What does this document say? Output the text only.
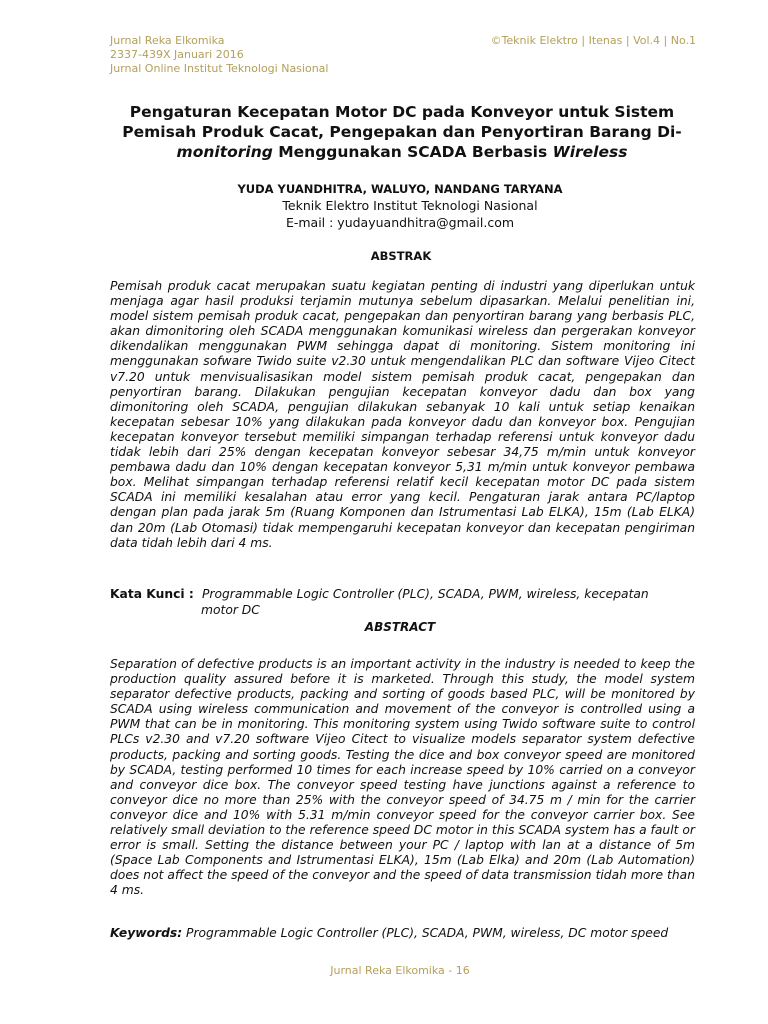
Jurnal Reka Elkomika
2337-439X Januari 2016
Jurnal Online Institut Teknologi Nasional
©Teknik Elektro | Itenas | Vol.4 | No.1
Pengaturan Kecepatan Motor DC pada Konveyor untuk Sistem Pemisah Produk Cacat, Pengepakan dan Penyortiran Barang Di-monitoring Menggunakan SCADA Berbasis Wireless
YUDA YUANDHITRA, WALUYO, NANDANG TARYANA
Teknik Elektro Institut Teknologi Nasional
E-mail : yudayuandhitra@gmail.com
ABSTRAK

Pemisah produk cacat merupakan suatu kegiatan penting di industri yang diperlukan untuk menjaga agar hasil produksi terjamin mutunya sebelum dipasarkan. Melalui penelitian ini, model sistem pemisah produk cacat, pengepakan dan penyortiran barang yang berbasis PLC, akan dimonitoring oleh SCADA menggunakan komunikasi wireless dan pergerakan konveyor dikendalikan menggunakan PWM sehingga dapat di monitoring. Sistem monitoring ini menggunakan sofware Twido suite v2.30 untuk mengendalikan PLC dan software Vijeo Citect v7.20 untuk menvisualisasikan model sistem pemisah produk cacat, pengepakan dan penyortiran barang. Dilakukan pengujian kecepatan konveyor dadu dan box yang dimonitoring oleh SCADA, pengujian dilakukan sebanyak 10 kali untuk setiap kenaikan kecepatan sebesar 10% yang dilakukan pada konveyor dadu dan konveyor box. Pengujian kecepatan konveyor tersebut memiliki simpangan terhadap referensi untuk konveyor dadu tidak lebih dari 25% dengan kecepatan konveyor sebesar 34,75 m/min untuk konveyor pembawa dadu dan 10% dengan kecepatan konveyor 5,31 m/min untuk konveyor pembawa box. Melihat simpangan terhadap referensi relatif kecil kecepatan motor DC pada sistem SCADA ini memiliki kesalahan atau error yang kecil. Pengaturan jarak antara PC/laptop dengan plan pada jarak 5m (Ruang Komponen dan Istrumentasi Lab ELKA), 15m (Lab ELKA) dan 20m (Lab Otomasi) tidak mempengaruhi kecepatan konveyor dan kecepatan pengiriman data tidah lebih dari 4 ms.

Kata Kunci : Programmable Logic Controller (PLC), SCADA, PWM, wireless, kecepatan
motor DC
ABSTRACT

Separation of defective products is an important activity in the industry is needed to keep the production quality assured before it is marketed. Through this study, the model system separator defective products, packing and sorting of goods based PLC, will be monitored by SCADA using wireless communication and movement of the conveyor is controlled using a PWM that can be in monitoring. This monitoring system using Twido software suite to control PLCs v2.30 and v7.20 software Vijeo Citect to visualize models separator system defective products, packing and sorting goods. Testing the dice and box conveyor speed are monitored by SCADA, testing performed 10 times for each increase speed by 10% carried on a conveyor and conveyor dice box. The conveyor speed testing have junctions against a reference to conveyor dice no more than 25% with the conveyor speed of 34.75 m / min for the carrier conveyor dice and 10% with 5.31 m/min conveyor speed for the conveyor carrier box. See relatively small deviation to the reference speed DC motor in this SCADA system has a fault or error is small. Setting the distance between your PC / laptop with lan at a distance of 5m (Space Lab Components and Istrumentasi ELKA), 15m (Lab Elka) and 20m (Lab Automation) does not affect the speed of the conveyor and the speed of data transmission tidah more than 4 ms.

Keywords: Programmable Logic Controller (PLC), SCADA, PWM, wireless, DC motor speed
Jurnal Reka Elkomika - 16
